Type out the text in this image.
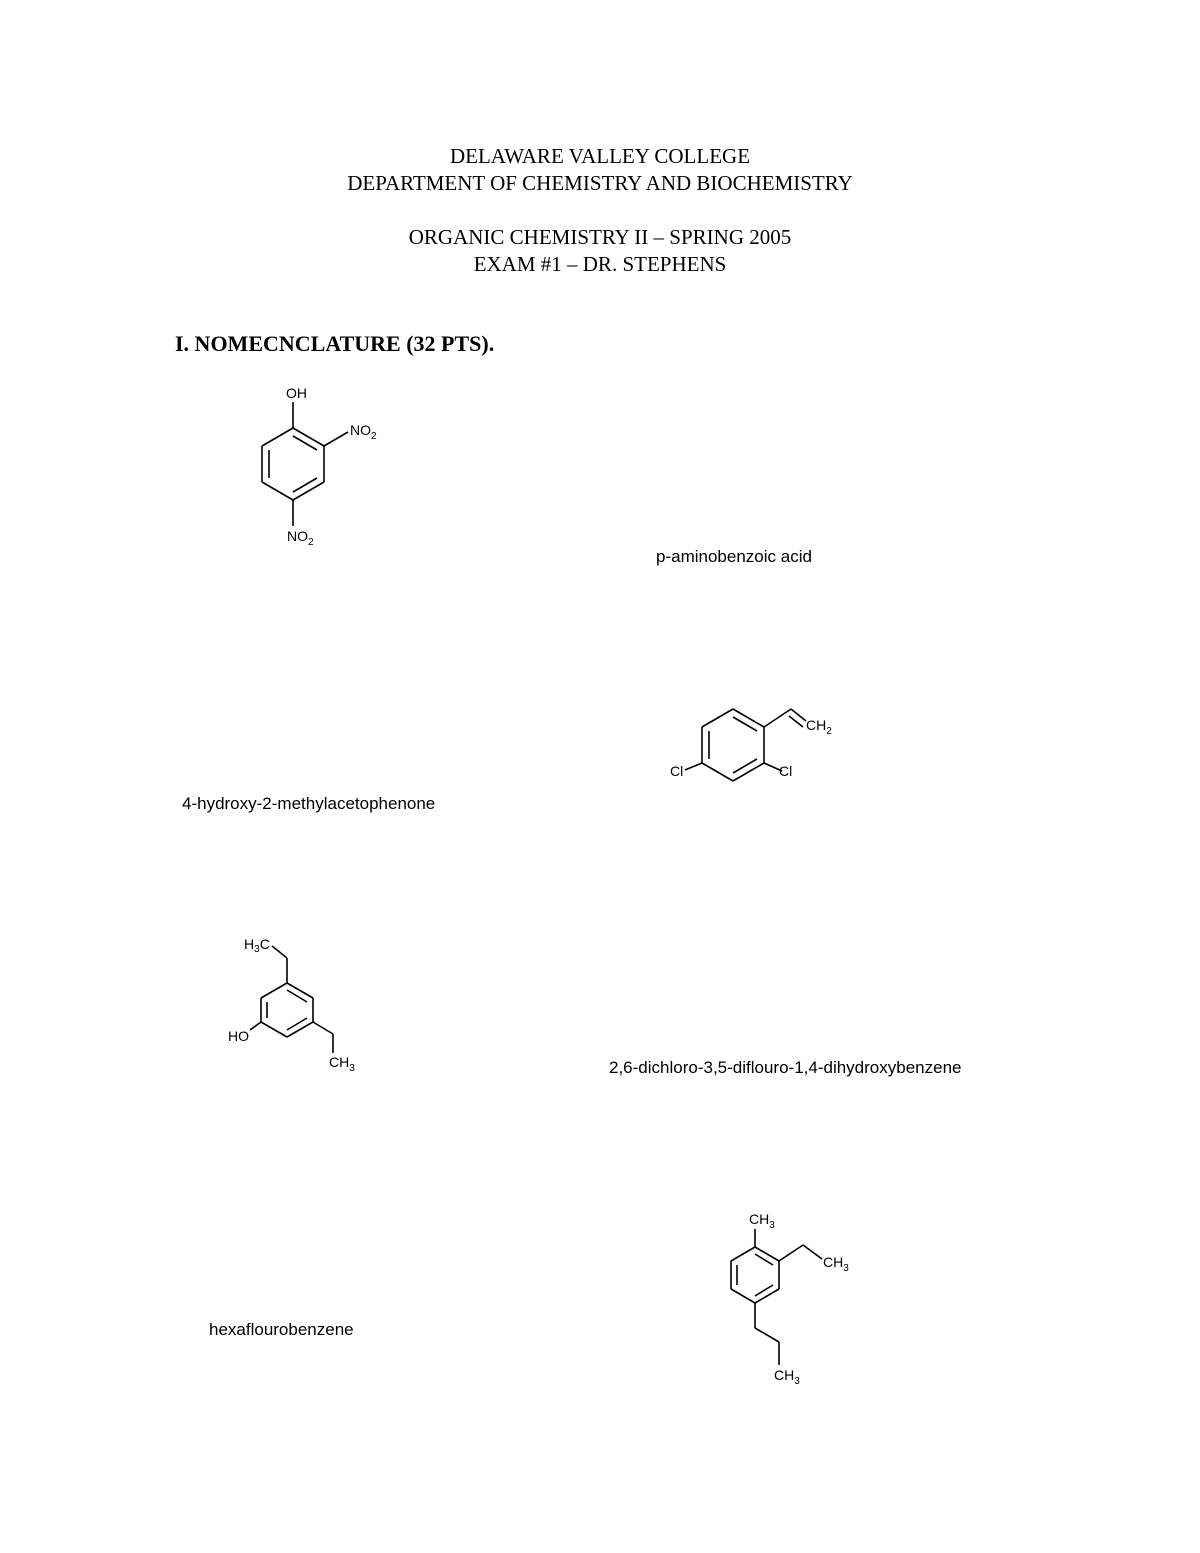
DELAWARE VALLEY COLLEGE
DEPARTMENT OF CHEMISTRY AND BIOCHEMISTRY
ORGANIC CHEMISTRY II – SPRING 2005
EXAM #1 – DR. STEPHENS
I. NOMECNCLATURE (32 PTS).
OH
$NO_2$
$NO_2$
p-aminobenzoic acid
$CH_2$
Cl	Cl
4-hydroxy-2-methylacetophenone
$H_3C$
HO
$CH_3$	2,6-dichloro-3,5-diflouro-1,4-dihydroxybenzene
$CH_3$
$CH_3$
$CH_3$
hexaflourobenzene
